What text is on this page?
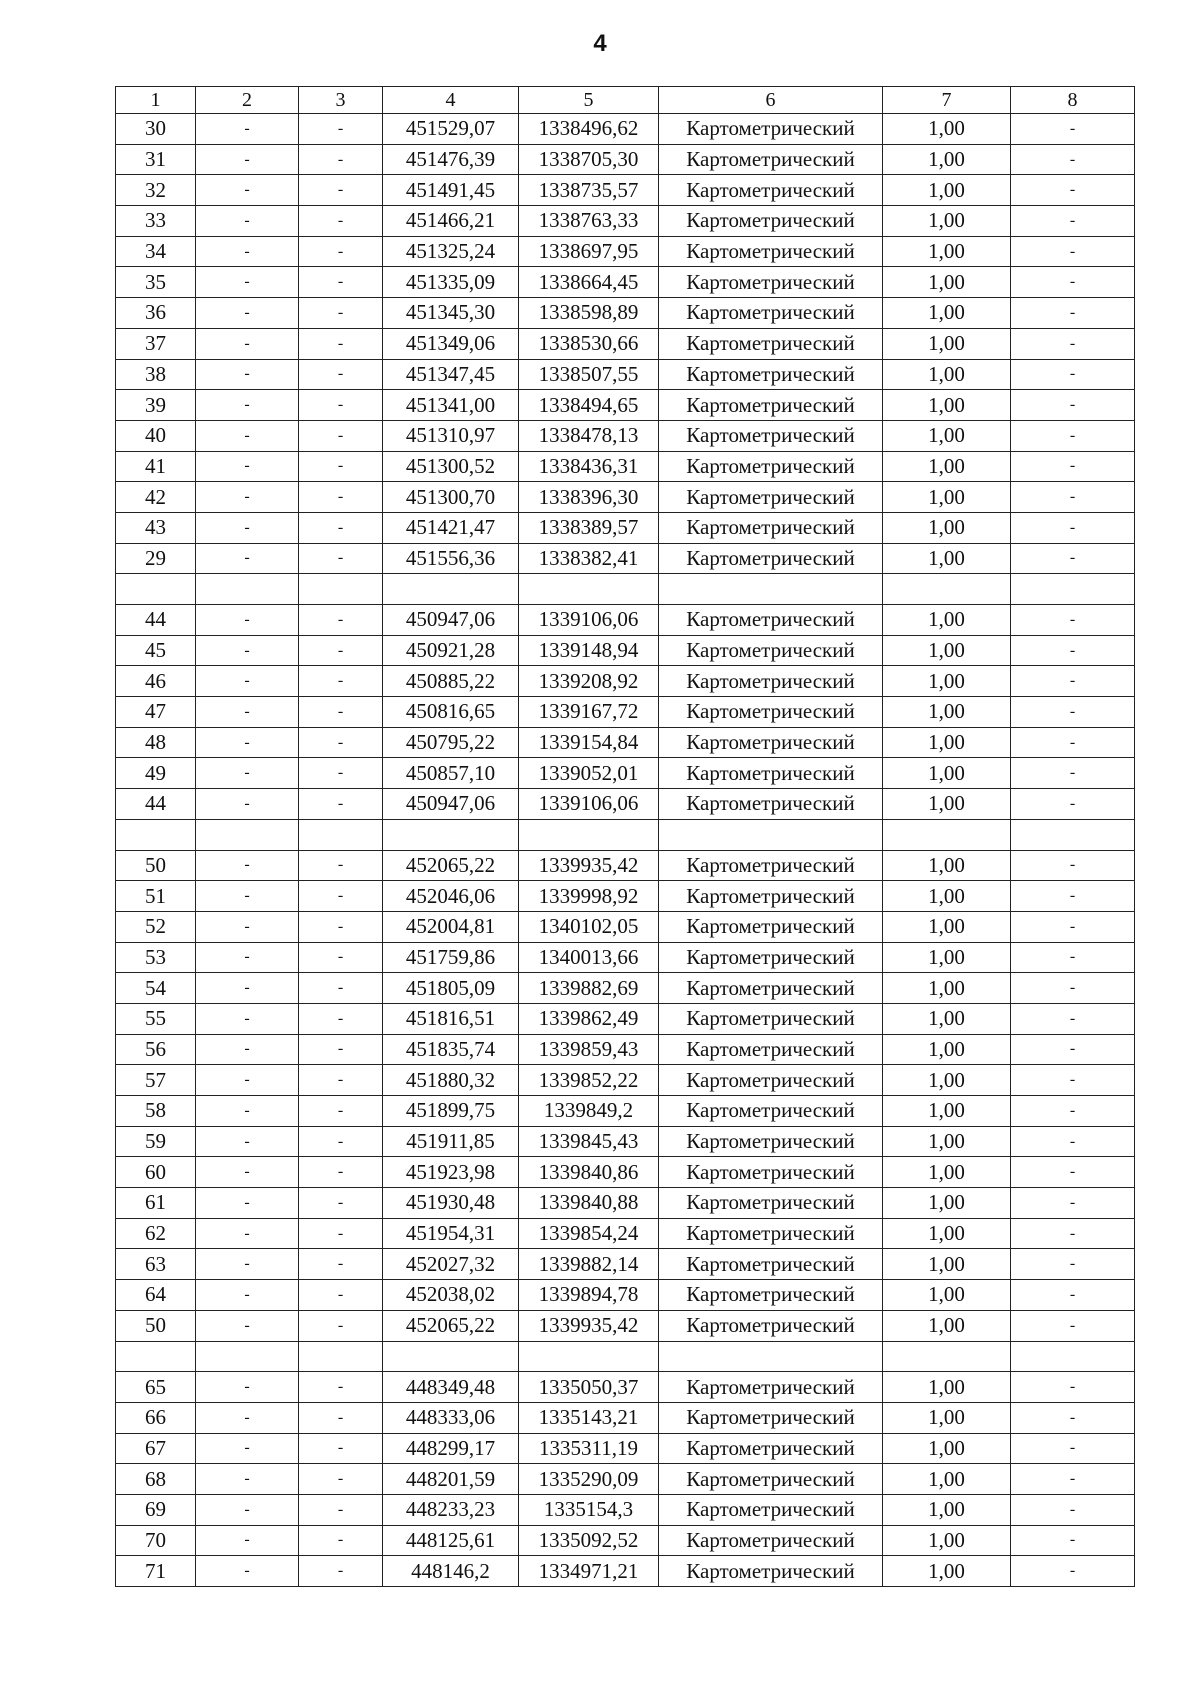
4
1	2	3	4	5	6	7	8
30	-	-	451529,07	1338496,62	Картометрический	1,00	-
31	-	-	451476,39	1338705,30	Картометрический	1,00	-
32	-	-	451491,45	1338735,57	Картометрический	1,00	-
33	-	-	451466,21	1338763,33	Картометрический	1,00	-
34	-	-	451325,24	1338697,95	Картометрический	1,00	-
35	-	-	451335,09	1338664,45	Картометрический	1,00	-
36	-	-	451345,30	1338598,89	Картометрический	1,00	-
37	-	-	451349,06	1338530,66	Картометрический	1,00	-
38	-	-	451347,45	1338507,55	Картометрический	1,00	-
39	-	-	451341,00	1338494,65	Картометрический	1,00	-
40	-	-	451310,97	1338478,13	Картометрический	1,00	-
41	-	-	451300,52	1338436,31	Картометрический	1,00	-
42	-	-	451300,70	1338396,30	Картометрический	1,00	-
43	-	-	451421,47	1338389,57	Картометрический	1,00	-
29	-	-	451556,36	1338382,41	Картометрический	1,00	-

44	-	-	450947,06	1339106,06	Картометрический	1,00	-
45	-	-	450921,28	1339148,94	Картометрический	1,00	-
46	-	-	450885,22	1339208,92	Картометрический	1,00	-
47	-	-	450816,65	1339167,72	Картометрический	1,00	-
48	-	-	450795,22	1339154,84	Картометрический	1,00	-
49	-	-	450857,10	1339052,01	Картометрический	1,00	-
44	-	-	450947,06	1339106,06	Картометрический	1,00	-

50	-	-	452065,22	1339935,42	Картометрический	1,00	-
51	-	-	452046,06	1339998,92	Картометрический	1,00	-
52	-	-	452004,81	1340102,05	Картометрический	1,00	-
53	-	-	451759,86	1340013,66	Картометрический	1,00	-
54	-	-	451805,09	1339882,69	Картометрический	1,00	-
55	-	-	451816,51	1339862,49	Картометрический	1,00	-
56	-	-	451835,74	1339859,43	Картометрический	1,00	-
57	-	-	451880,32	1339852,22	Картометрический	1,00	-
58	-	-	451899,75	1339849,2	Картометрический	1,00	-
59	-	-	451911,85	1339845,43	Картометрический	1,00	-
60	-	-	451923,98	1339840,86	Картометрический	1,00	-
61	-	-	451930,48	1339840,88	Картометрический	1,00	-
62	-	-	451954,31	1339854,24	Картометрический	1,00	-
63	-	-	452027,32	1339882,14	Картометрический	1,00	-
64	-	-	452038,02	1339894,78	Картометрический	1,00	-
50	-	-	452065,22	1339935,42	Картометрический	1,00	-

65	-	-	448349,48	1335050,37	Картометрический	1,00	-
66	-	-	448333,06	1335143,21	Картометрический	1,00	-
67	-	-	448299,17	1335311,19	Картометрический	1,00	-
68	-	-	448201,59	1335290,09	Картометрический	1,00	-
69	-	-	448233,23	1335154,3	Картометрический	1,00	-
70	-	-	448125,61	1335092,52	Картометрический	1,00	-
71	-	-	448146,2	1334971,21	Картометрический	1,00	-
